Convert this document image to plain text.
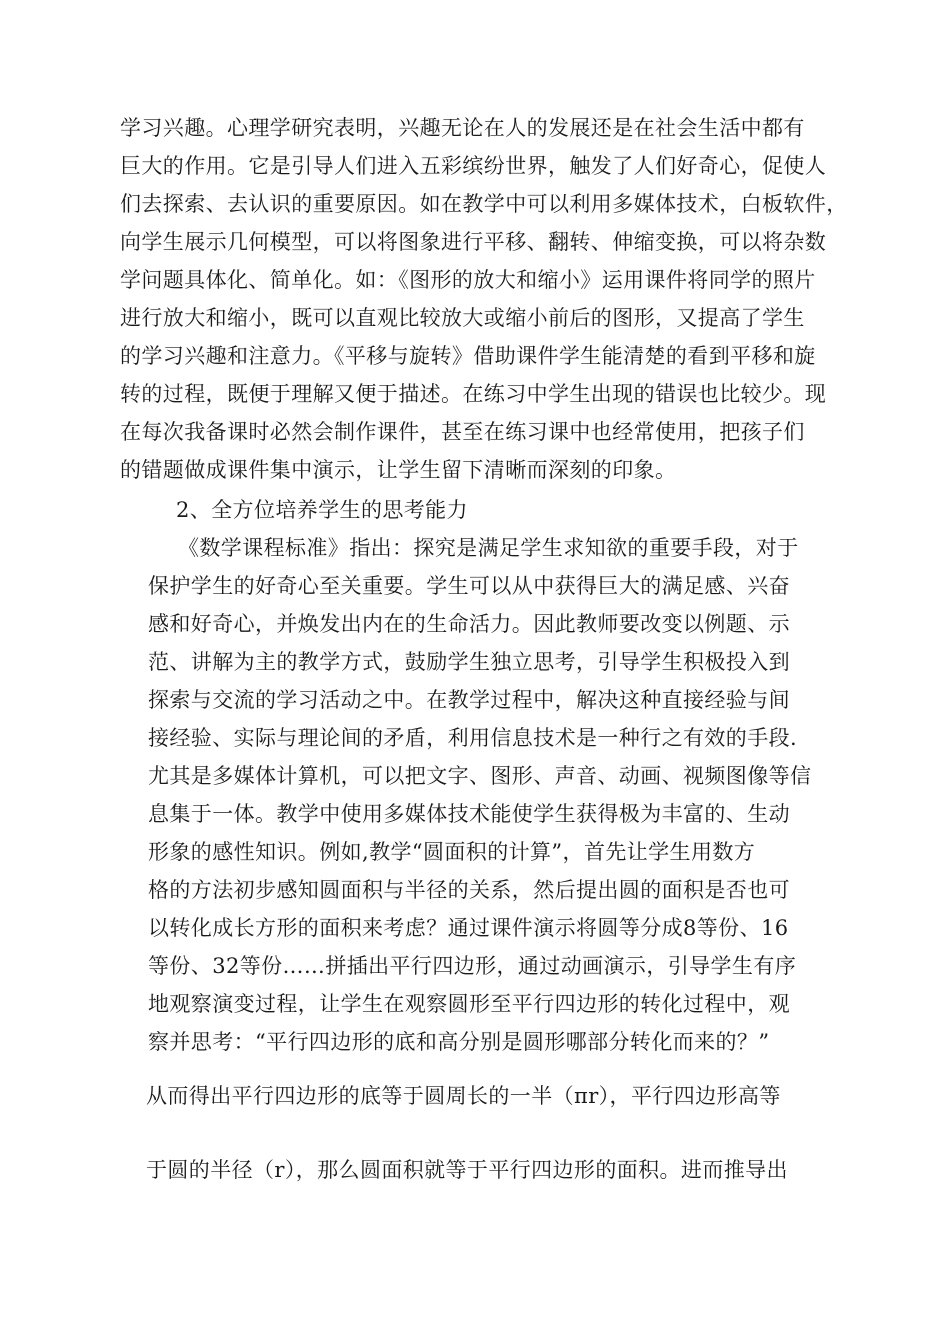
学习兴趣。心理学研究表明，兴趣无论在人的发展还是在社会生活中都有
巨大的作用。它是引导人们进入五彩缤纷世界，触发了人们好奇心，促使人
们去探索、去认识的重要原因。如在教学中可以利用多媒体技术，白板软件，
向学生展示几何模型，可以将图象进行平移、翻转、伸缩变换，可以将杂数
学问题具体化、简单化。如：《图形的放大和缩小》运用课件将同学的照片
进行放大和缩小，既可以直观比较放大或缩小前后的图形，又提高了学生
的学习兴趣和注意力。《平移与旋转》借助课件学生能清楚的看到平移和旋
转的过程，既便于理解又便于描述。在练习中学生出现的错误也比较少。现
在每次我备课时必然会制作课件，甚至在练习课中也经常使用，把孩子们
的错题做成课件集中演示，让学生留下清晰而深刻的印象。
2、全方位培养学生的思考能力
《数学课程标准》指出：探究是满足学生求知欲的重要手段，对于
保护学生的好奇心至关重要。学生可以从中获得巨大的满足感、兴奋
感和好奇心，并焕发出内在的生命活力。因此教师要改变以例题、示
范、讲解为主的教学方式，鼓励学生独立思考，引导学生积极投入到
探索与交流的学习活动之中。在教学过程中，解决这种直接经验与间
接经验、实际与理论间的矛盾，利用信息技术是一种行之有效的手段.
尤其是多媒体计算机，可以把文字、图形、声音、动画、视频图像等信
息集于一体。教学中使用多媒体技术能使学生获得极为丰富的、生动
形象的感性知识。例如,教学“圆面积的计算”，首先让学生用数方
格的方法初步感知圆面积与半径的关系，然后提出圆的面积是否也可
以转化成长方形的面积来考虑？通过课件演示将圆等分成8等份、16
等份、32等份……拼插出平行四边形，通过动画演示，引导学生有序
地观察演变过程，让学生在观察圆形至平行四边形的转化过程中，观
察并思考：“平行四边形的底和高分别是圆形哪部分转化而来的？”
从而得出平行四边形的底等于圆周长的一半（πr），平行四边形高等
于圆的半径（r），那么圆面积就等于平行四边形的面积。进而推导出
